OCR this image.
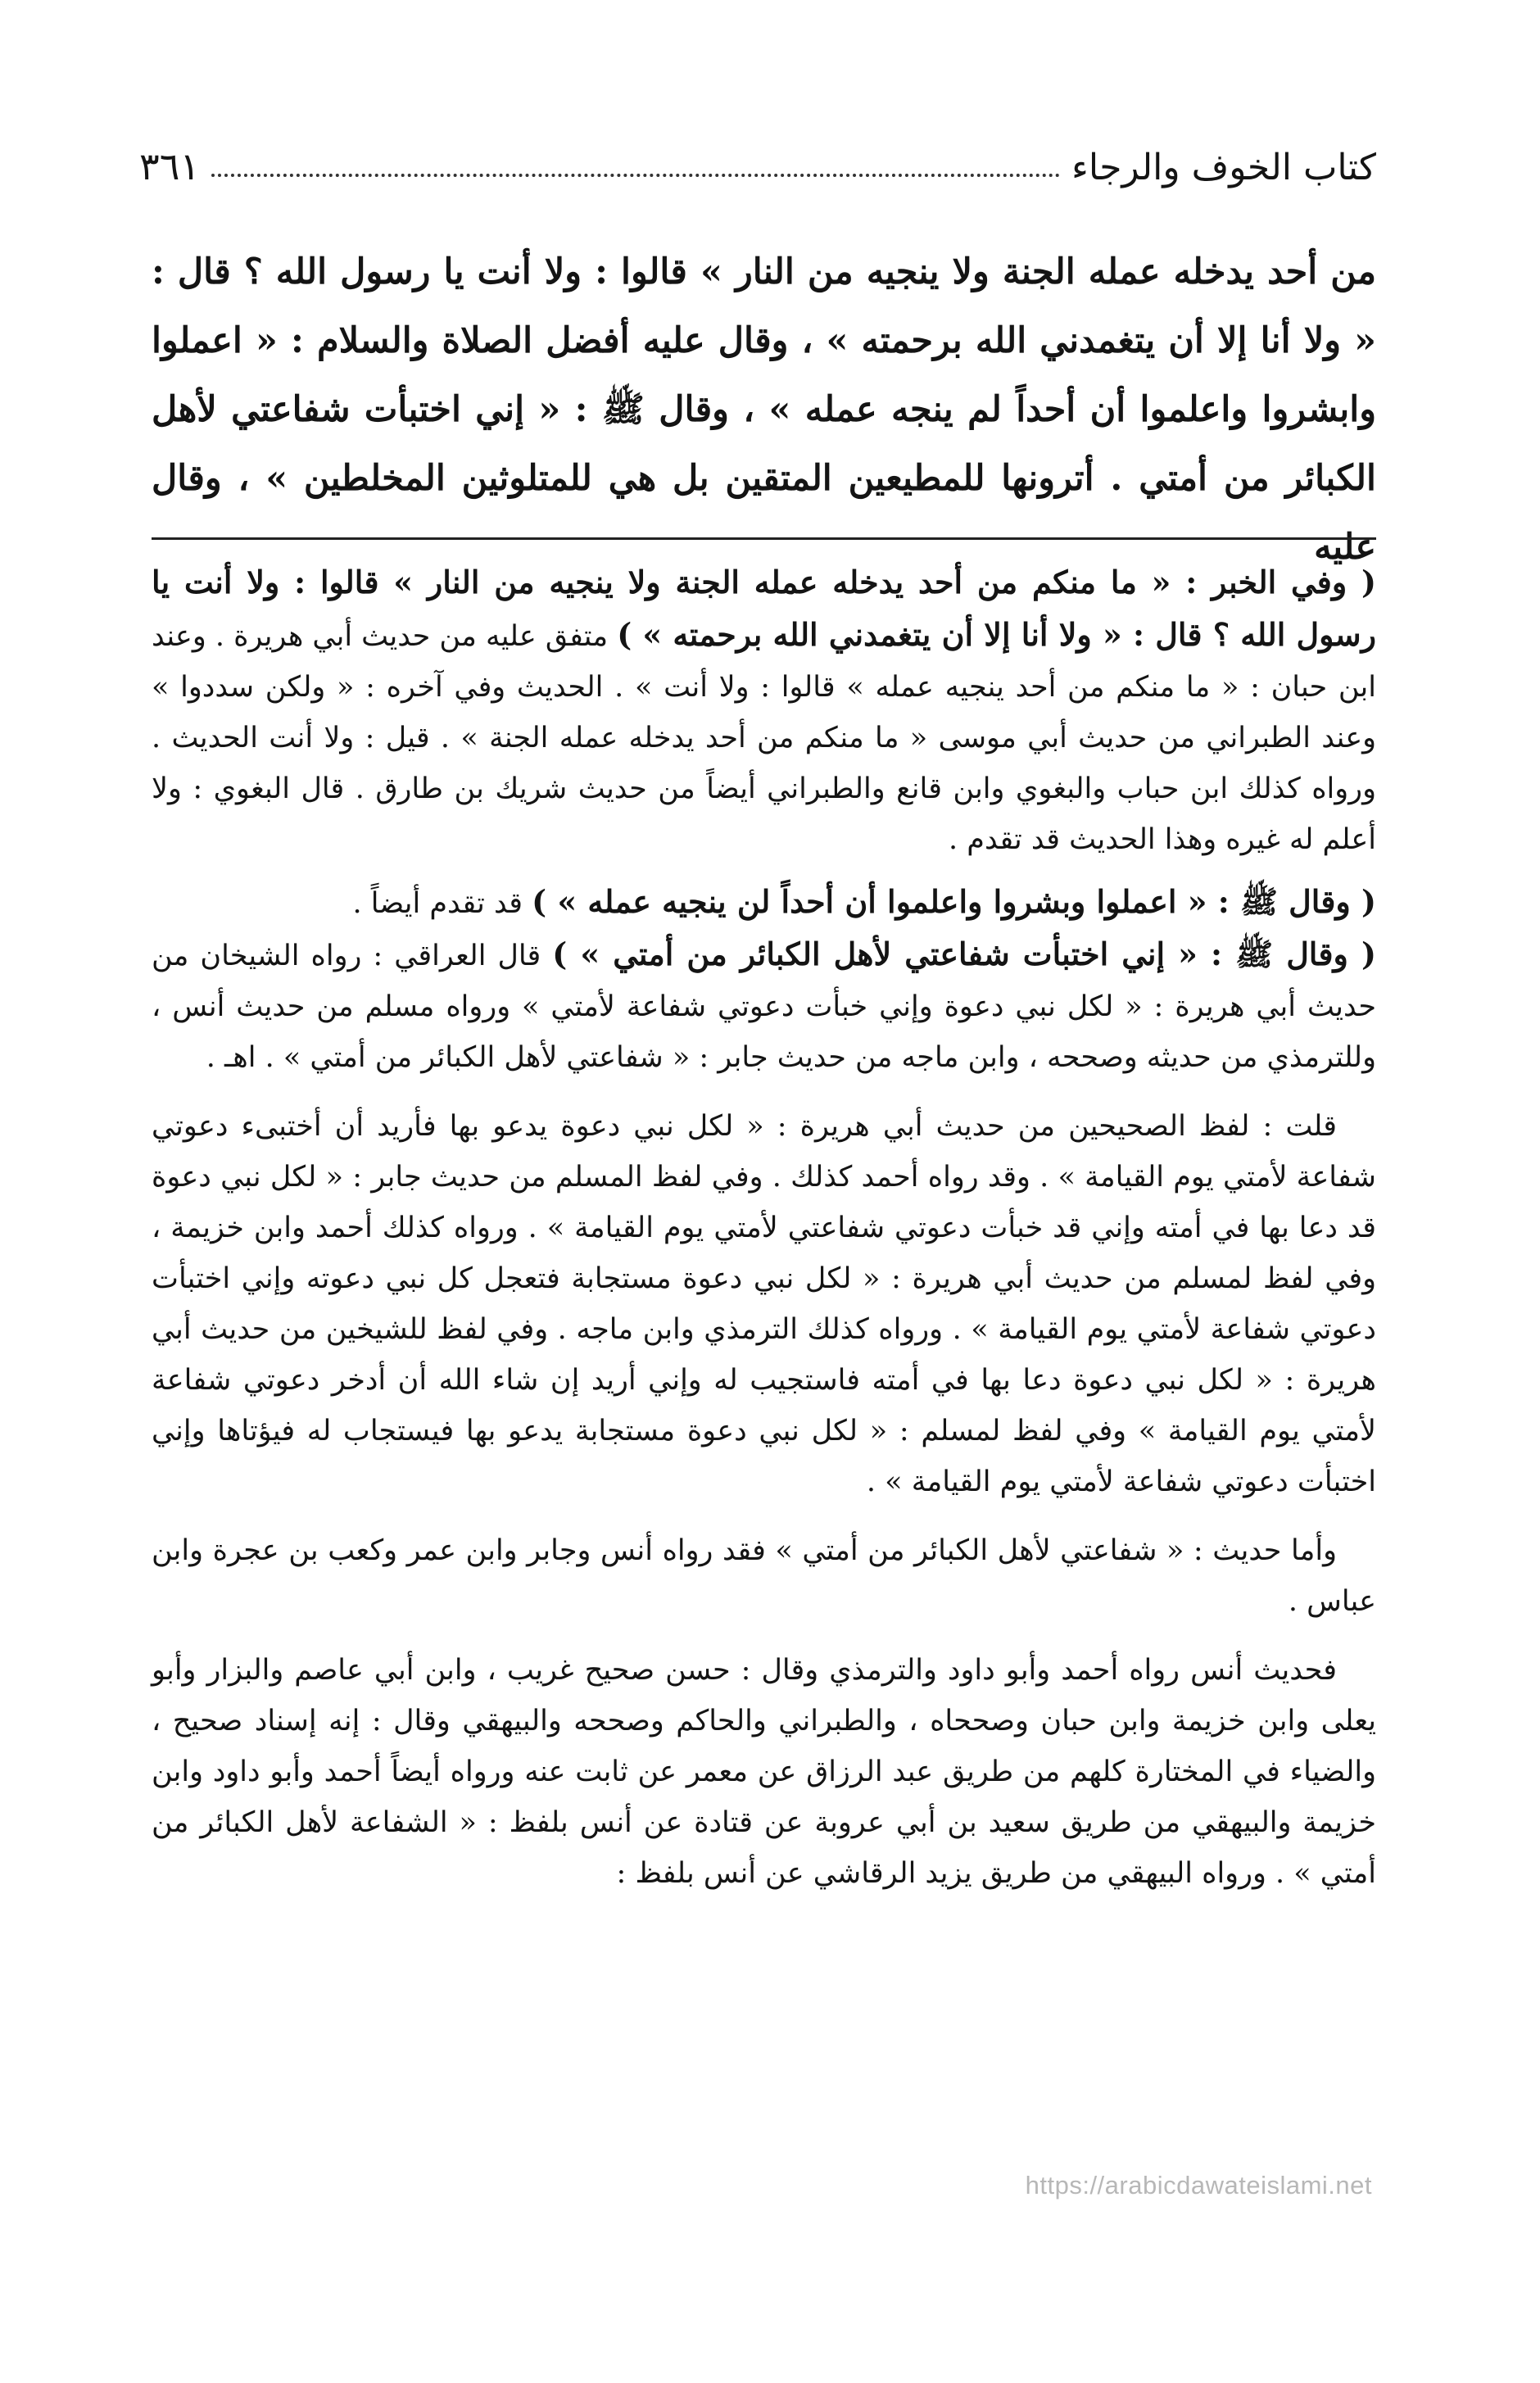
كتاب الخوف والرجاء
٣٦١

من أحد يدخله عمله الجنة ولا ينجيه من النار » قالوا : ولا أنت يا رسول الله ؟ قال : « ولا أنا إلا أن يتغمدني الله برحمته » ، وقال عليه أفضل الصلاة والسلام : « اعملوا وابشروا واعلموا أن أحداً لم ينجه عمله » ، وقال ﷺ : « إني اختبأت شفاعتي لأهل الكبائر من أمتي . أترونها للمطيعين المتقين بل هي للمتلوثين المخلطين » ، وقال عليه

( وفي الخبر : « ما منكم من أحد يدخله عمله الجنة ولا ينجيه من النار » قالوا : ولا أنت يا رسول الله ؟ قال : « ولا أنا إلا أن يتغمدني الله برحمته » ) متفق عليه من حديث أبي هريرة . وعند ابن حبان : « ما منكم من أحد ينجيه عمله » قالوا : ولا أنت » . الحديث وفي آخره : « ولكن سددوا » وعند الطبراني من حديث أبي موسى « ما منكم من أحد يدخله عمله الجنة » . قيل : ولا أنت الحديث . ورواه كذلك ابن حباب والبغوي وابن قانع والطبراني أيضاً من حديث شريك بن طارق . قال البغوي : ولا أعلم له غيره وهذا الحديث قد تقدم .

( وقال ﷺ : « اعملوا وبشروا واعلموا أن أحداً لن ينجيه عمله » ) قد تقدم أيضاً .

( وقال ﷺ : « إني اختبأت شفاعتي لأهل الكبائر من أمتي » ) قال العراقي : رواه الشيخان من حديث أبي هريرة : « لكل نبي دعوة وإني خبأت دعوتي شفاعة لأمتي » ورواه مسلم من حديث أنس ، وللترمذي من حديثه وصححه ، وابن ماجه من حديث جابر : « شفاعتي لأهل الكبائر من أمتي » . اهـ .

قلت : لفظ الصحيحين من حديث أبي هريرة : « لكل نبي دعوة يدعو بها فأريد أن أختبىء دعوتي شفاعة لأمتي يوم القيامة » . وقد رواه أحمد كذلك . وفي لفظ المسلم من حديث جابر : « لكل نبي دعوة قد دعا بها في أمته وإني قد خبأت دعوتي شفاعتي لأمتي يوم القيامة » . ورواه كذلك أحمد وابن خزيمة ، وفي لفظ لمسلم من حديث أبي هريرة : « لكل نبي دعوة مستجابة فتعجل كل نبي دعوته وإني اختبأت دعوتي شفاعة لأمتي يوم القيامة » . ورواه كذلك الترمذي وابن ماجه . وفي لفظ للشيخين من حديث أبي هريرة : « لكل نبي دعوة دعا بها في أمته فاستجيب له وإني أريد إن شاء الله أن أدخر دعوتي شفاعة لأمتي يوم القيامة » وفي لفظ لمسلم : « لكل نبي دعوة مستجابة يدعو بها فيستجاب له فيؤتاها وإني اختبأت دعوتي شفاعة لأمتي يوم القيامة » .

وأما حديث : « شفاعتي لأهل الكبائر من أمتي » فقد رواه أنس وجابر وابن عمر وكعب بن عجرة وابن عباس .

فحديث أنس رواه أحمد وأبو داود والترمذي وقال : حسن صحيح غريب ، وابن أبي عاصم والبزار وأبو يعلى وابن خزيمة وابن حبان وصححاه ، والطبراني والحاكم وصححه والبيهقي وقال : إنه إسناد صحيح ، والضياء في المختارة كلهم من طريق عبد الرزاق عن معمر عن ثابت عنه ورواه أيضاً أحمد وأبو داود وابن خزيمة والبيهقي من طريق سعيد بن أبي عروبة عن قتادة عن أنس بلفظ : « الشفاعة لأهل الكبائر من أمتي » . ورواه البيهقي من طريق يزيد الرقاشي عن أنس بلفظ :

https://arabicdawateislami.net
